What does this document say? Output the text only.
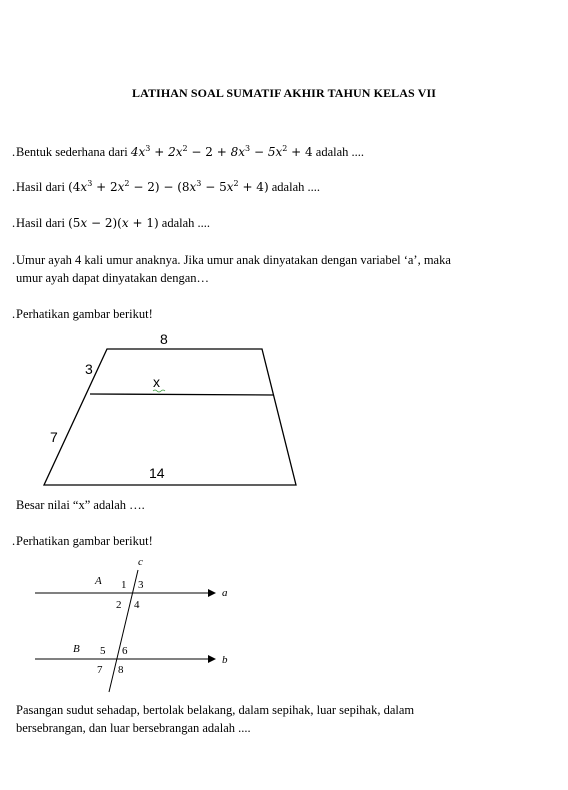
LATIHAN SOAL SUMATIF AKHIR TAHUN KELAS VII
. Bentuk sederhana dari $4x^3 + 2x^2 - 2 + 8x^3 - 5x^2 + 4$ adalah ....
. Hasil dari $(4x^3 + 2x^2 - 2) - (8x^3 - 5x^2 + 4)$ adalah ....
. Hasil dari (5x − 2)(x + 1) adalah ....
. Umur ayah 4 kali umur anaknya. Jika umur anak dinyatakan dengan variabel ‘a’, maka
umur ayah dapat dinyatakan dengan…
. Perhatikan gambar berikut!
8
3
x
7
14
Besar nilai “x” adalah ….
. Perhatikan gambar berikut!
c
a
b
A
B
1 3
2 4
5 6
7 8
Pasangan sudut sehadap, bertolak belakang, dalam sepihak, luar sepihak, dalam
bersebrangan, dan luar bersebrangan adalah ....
